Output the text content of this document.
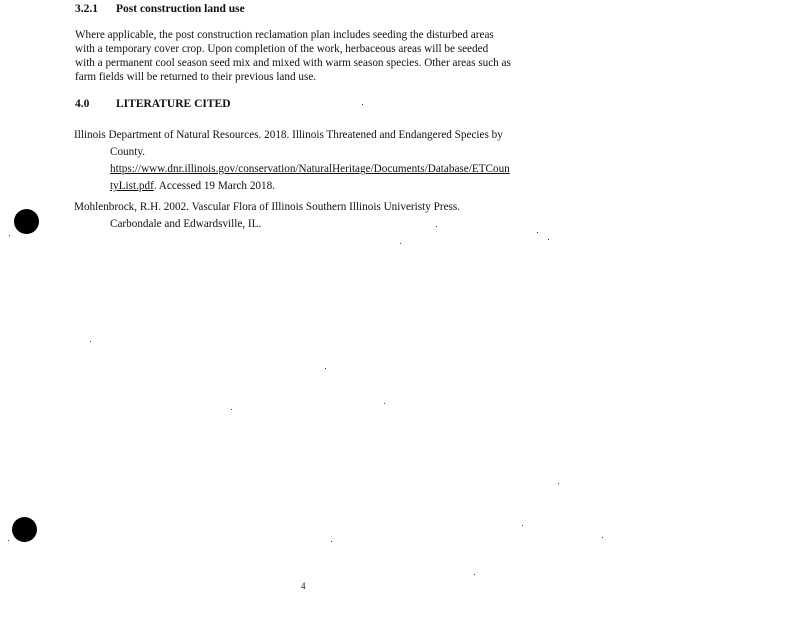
3.2.1 Post construction land use
Where applicable, the post construction reclamation plan includes seeding the disturbed areas
with a temporary cover crop. Upon completion of the work, herbaceous areas will be seeded
with a permanent cool season seed mix and mixed with warm season species. Other areas such as
farm fields will be returned to their previous land use.
4.0 LITERATURE CITED
Illinois Department of Natural Resources. 2018. Illinois Threatened and Endangered Species by
County.
https://www.dnr.illinois.gov/conservation/NaturalHeritage/Documents/Database/ETCoun
tyList.pdf. Accessed 19 March 2018.
Mohlenbrock, R.H. 2002. Vascular Flora of Illinois Southern Illinois Univeristy Press.
Carbondale and Edwardsville, IL.
4
